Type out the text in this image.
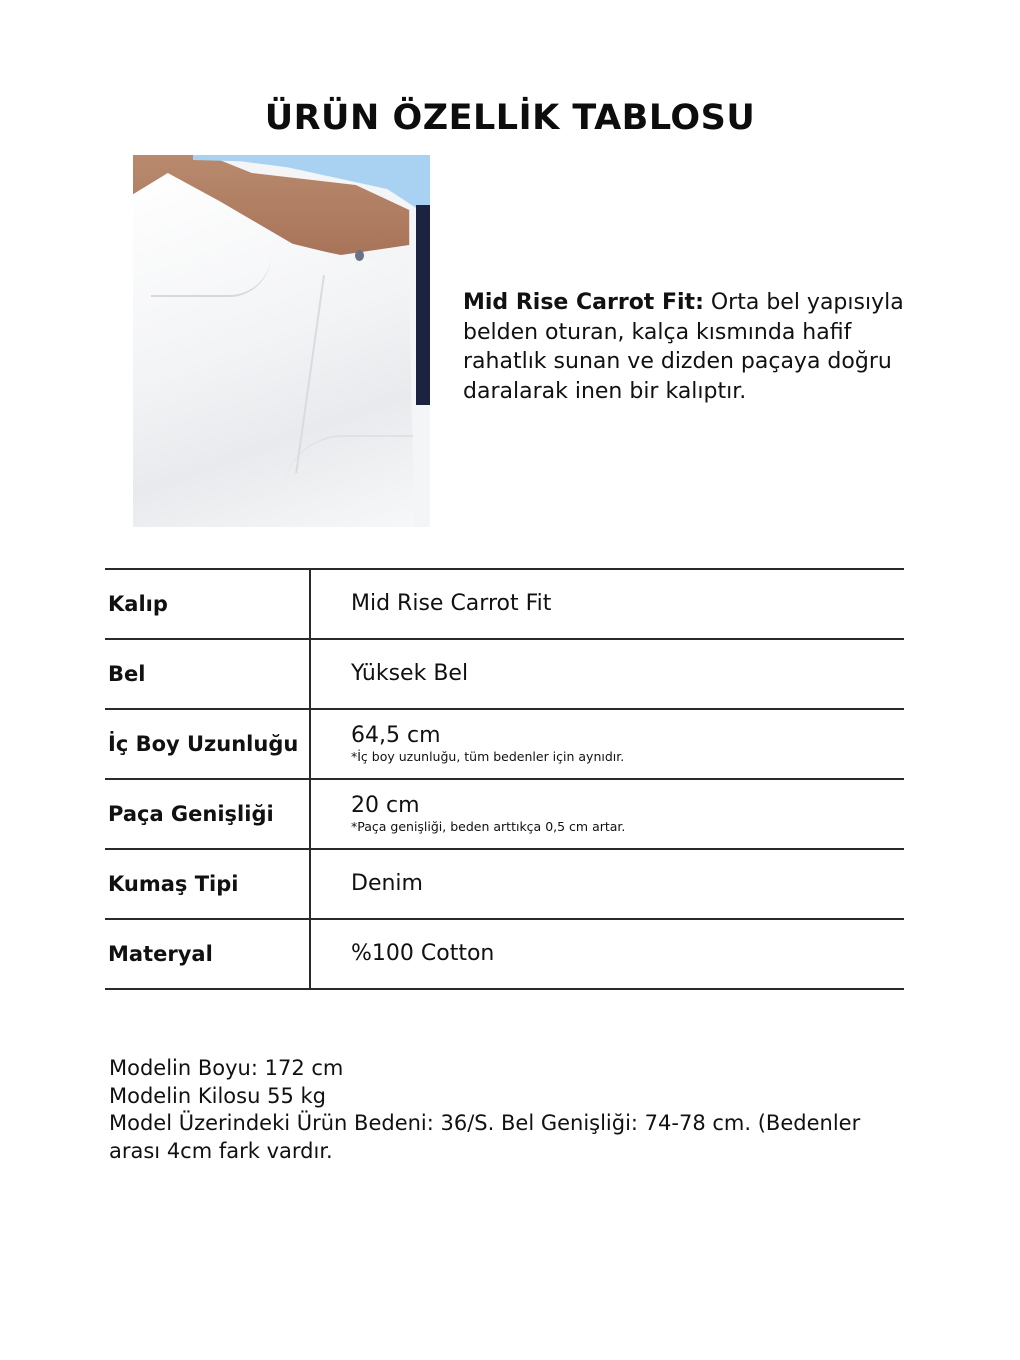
ÜRÜN ÖZELLİK TABLOSU

Mid Rise Carrot Fit: Orta bel yapısıyla belden oturan, kalça kısmında hafif rahatlık sunan ve dizden paçaya doğru daralarak inen bir kalıptır.

Kalıp	Mid Rise Carrot Fit

Bel	Yüksek Bel

İç Boy Uzunluğu	64,5 cm
*İç boy uzunluğu, tüm bedenler için aynıdır.

Paça Genişliği	20 cm
*Paça genişliği, beden arttıkça 0,5 cm artar.

Kumaş Tipi	Denim

Materyal	%100 Cotton
Modelin Boyu: 172 cm
Modelin Kilosu 55 kg
Model Üzerindeki Ürün Bedeni: 36/S. Bel Genişliği: 74-78 cm. (Bedenler arası 4cm fark vardır.
